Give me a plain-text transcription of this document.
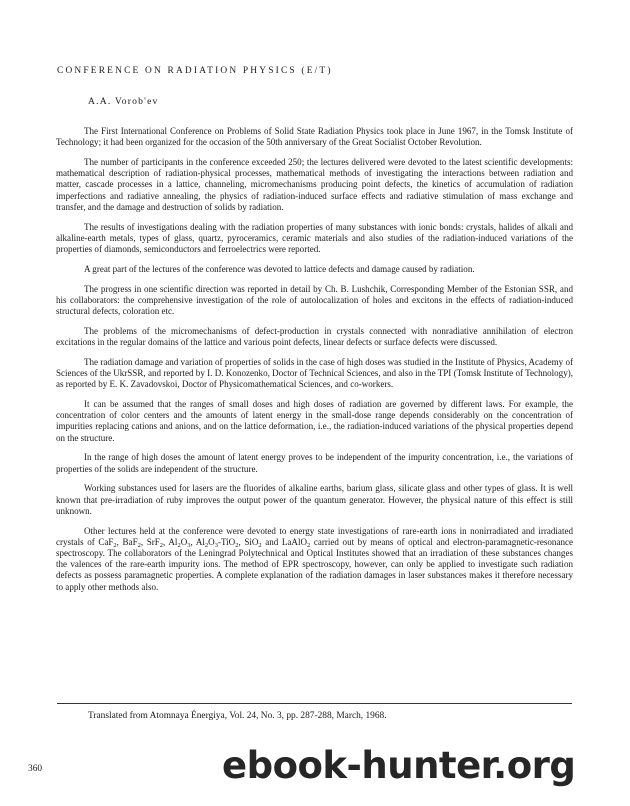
CONFERENCE ON RADIATION PHYSICS (E/T)
A.A. Vorob'ev

The First International Conference on Problems of Solid State Radiation Physics took place in June 1967, in the Tomsk Institute of Technology; it had been organized for the occasion of the 50th anniversary of the Great Socialist October Revolution.

The number of participants in the conference exceeded 250; the lectures delivered were devoted to the latest scientific developments: mathematical description of radiation-physical processes, mathematical methods of investigating the interactions between radiation and matter, cascade processes in a lattice, channeling, micromechanisms producing point defects, the kinetics of accumulation of radiation imperfections and radiative annealing, the physics of radiation-induced surface effects and radiative stimulation of mass exchange and transfer, and the damage and destruction of solids by radiation.

The results of investigations dealing with the radiation properties of many substances with ionic bonds: crystals, halides of alkali and alkaline-earth metals, types of glass, quartz, pyroceramics, ceramic materials and also studies of the radiation-induced variations of the properties of diamonds, semiconductors and ferroelectrics were reported.

A great part of the lectures of the conference was devoted to lattice defects and damage caused by radiation.

The progress in one scientific direction was reported in detail by Ch. B. Lushchik, Corresponding Member of the Estonian SSR, and his collaborators: the comprehensive investigation of the role of autolocalization of holes and excitons in the effects of radiation-induced structural defects, coloration etc.

The problems of the micromechanisms of defect-production in crystals connected with nonradiative annihilation of electron excitations in the regular domains of the lattice and various point defects, linear defects or surface defects were discussed.

The radiation damage and variation of properties of solids in the case of high doses was studied in the Institute of Physics, Academy of Sciences of the UkrSSR, and reported by I. D. Konozenko, Doctor of Technical Sciences, and also in the TPI (Tomsk Institute of Technology), as reported by E. K. Zavadovskoi, Doctor of Physicomathematical Sciences, and co-workers.

It can be assumed that the ranges of small doses and high doses of radiation are governed by different laws. For example, the concentration of color centers and the amounts of latent energy in the small-dose range depends considerably on the concentration of impurities replacing cations and anions, and on the lattice deformation, i.e., the radiation-induced variations of the physical properties depend on the structure.

In the range of high doses the amount of latent energy proves to be independent of the impurity concentration, i.e., the variations of properties of the solids are independent of the structure.

Working substances used for lasers are the fluorides of alkaline earths, barium glass, silicate glass and other types of glass. It is well known that pre-irradiation of ruby improves the output power of the quantum generator. However, the physical nature of this effect is still unknown.

Other lectures held at the conference were devoted to energy state investigations of rare-earth ions in nonirradiated and irradiated crystals of CaF$_2$, BaF$_2$, SrF$_2$, $Al_2O_3$, $Al_2O_3-TiO_2$, SiO$_2$ and LaAlO$_2$ carried out by means of optical and electron-paramagnetic-resonance spectroscopy. The collaborators of the Leningrad Polytechnical and Optical Institutes showed that an irradiation of these substances changes the valences of the rare-earth impurity ions. The method of EPR spectroscopy, however, can only be applied to investigate such radiation defects as possess paramagnetic properties. A complete explanation of the radiation damages in laser substances makes it therefore necessary to apply other methods also.

Translated from Atomnaya Énergiya, Vol. 24, No. 3, pp. 287-288, March, 1968.
360	ebook-hunter.org
